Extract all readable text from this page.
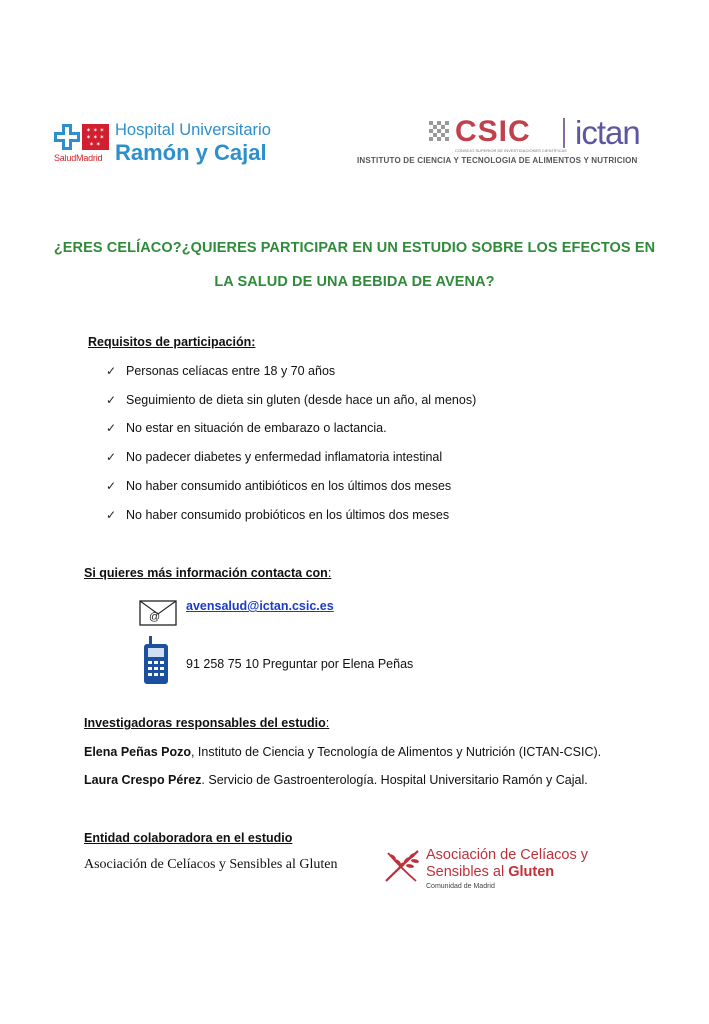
✶ ✶ ✶
✶ ✶ ✶
✶ ✶
SaludMadrid
Hospital Universitario
Ramón y Cajal
CSIC
CONSEJO SUPERIOR DE INVESTIGACIONES CIENTÍFICAS ictan
INSTITUTO DE CIENCIA Y TECNOLOGIA DE ALIMENTOS Y NUTRICION
¿ERES CELÍACO?¿QUIERES PARTICIPAR EN UN ESTUDIO SOBRE LOS EFECTOS EN
LA SALUD DE UNA BEBIDA DE AVENA?
Requisitos de participación:
✓ Personas celíacas entre 18 y 70 años
✓ Seguimiento de dieta sin gluten (desde hace un año, al menos)
✓ No estar en situación de embarazo o lactancia.
✓ No padecer diabetes y enfermedad inflamatoria intestinal
✓ No haber consumido antibióticos en los últimos dos meses
✓ No haber consumido probióticos en los últimos dos meses
Si quieres más información contacta con:
@
avensalud@ictan.csic.es
91 258 75 10 Preguntar por Elena Peñas
Investigadoras responsables del estudio:
Elena Peñas Pozo, Instituto de Ciencia y Tecnología de Alimentos y Nutrición (ICTAN-CSIC).
Laura Crespo Pérez. Servicio de Gastroenterología. Hospital Universitario Ramón y Cajal.
Entidad colaboradora en el estudio
Asociación de Celíacos y Sensibles al Gluten
Asociación de Celíacos y
Sensibles al Gluten
Comunidad de Madrid
